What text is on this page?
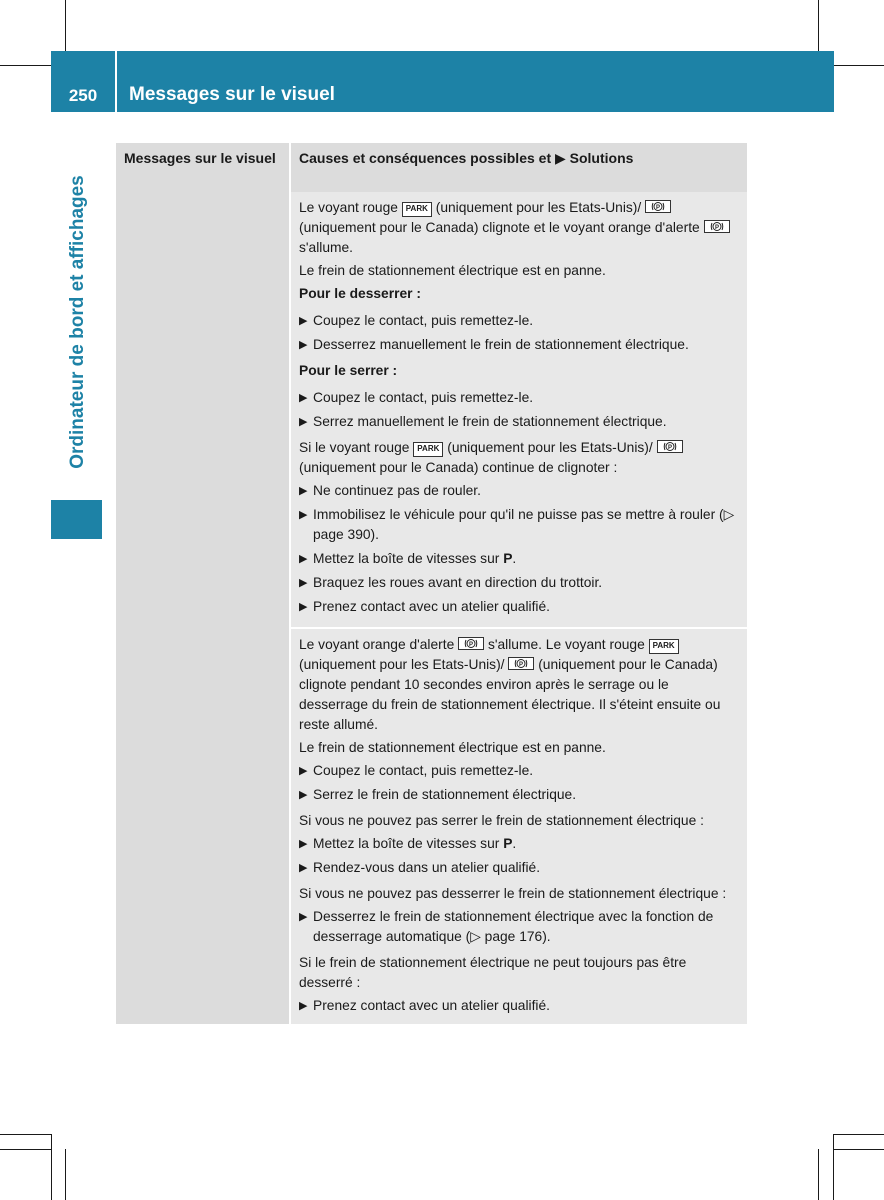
250	Messages sur le visuel
Ordinateur de bord et affichages
Messages sur le visuel	Causes et conséquences possibles et ▶ Solutions

Le voyant rouge PARK (uniquement pour les Etats-Unis)/ P
(uniquement pour le Canada) clignote et le voyant orange d'alerte P
s'allume.

Le frein de stationnement électrique est en panne.

Pour le desserrer :

▶ Coupez le contact, puis remettez-le.
▶ Desserrez manuellement le frein de stationnement électrique.

Pour le serrer :

▶ Coupez le contact, puis remettez-le.
▶ Serrez manuellement le frein de stationnement électrique.

Si le voyant rouge PARK (uniquement pour les Etats-Unis)/ P
(uniquement pour le Canada) continue de clignoter :

▶ Ne continuez pas de rouler.
▶ Immobilisez le véhicule pour qu'il ne puisse pas se mettre à rouler (▷ page 390).
▶ Mettez la boîte de vitesses sur P.
▶ Braquez les roues avant en direction du trottoir.
▶ Prenez contact avec un atelier qualifié.

Le voyant orange d'alerte P s'allume. Le voyant rouge PARK (uniquement pour les Etats-Unis)/ P (uniquement pour le Canada) clignote pendant 10 secondes environ après le serrage ou le desserrage du frein de stationnement électrique. Il s'éteint ensuite ou reste allumé.

Le frein de stationnement électrique est en panne.

▶ Coupez le contact, puis remettez-le.
▶ Serrez le frein de stationnement électrique.

Si vous ne pouvez pas serrer le frein de stationnement électrique :

▶ Mettez la boîte de vitesses sur P.
▶ Rendez-vous dans un atelier qualifié.

Si vous ne pouvez pas desserrer le frein de stationnement électrique :

▶ Desserrez le frein de stationnement électrique avec la fonction de desserrage automatique (▷ page 176).

Si le frein de stationnement électrique ne peut toujours pas être desserré :

▶ Prenez contact avec un atelier qualifié.
